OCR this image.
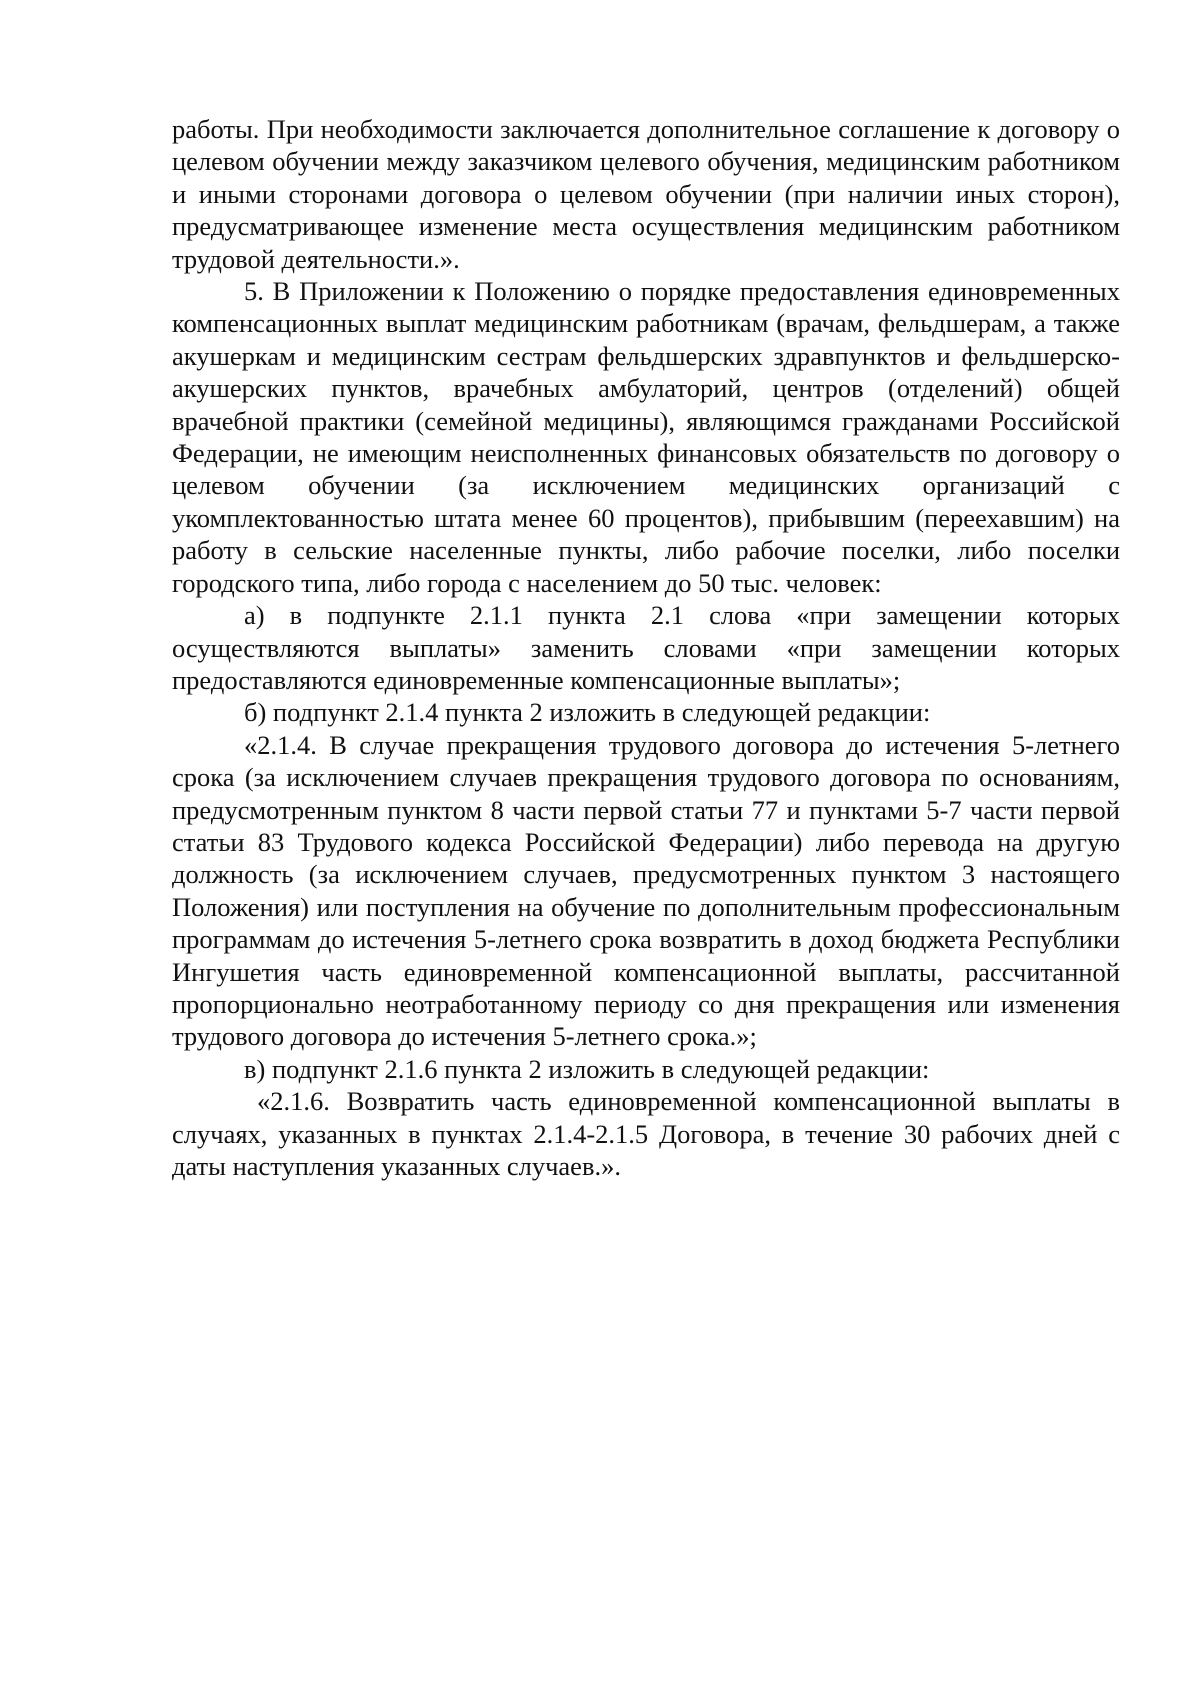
работы. При необходимости заключается дополнительное соглашение к договору о целевом обучении между заказчиком целевого обучения, медицинским работником и иными сторонами договора о целевом обучении (при наличии иных сторон), предусматривающее изменение места осуществления медицинским работником трудовой деятельности.».

5. В Приложении к Положению о порядке предоставления единовременных компенсационных выплат медицинским работникам (врачам, фельдшерам, а также акушеркам и медицинским сестрам фельдшерских здравпунктов и фельдшерско-акушерских пунктов, врачебных амбулаторий, центров (отделений) общей врачебной практики (семейной медицины), являющимся гражданами Российской Федерации, не имеющим неисполненных финансовых обязательств по договору о целевом обучении (за исключением медицинских организаций с укомплектованностью штата менее 60 процентов), прибывшим (переехавшим) на работу в сельские населенные пункты, либо рабочие поселки, либо поселки городского типа, либо города с населением до 50 тыс. человек:

а) в подпункте 2.1.1 пункта 2.1 слова «при замещении которых осуществляются выплаты» заменить словами «при замещении которых предоставляются единовременные компенсационные выплаты»;

б) подпункт 2.1.4 пункта 2 изложить в следующей редакции:

«2.1.4. В случае прекращения трудового договора до истечения 5-летнего срока (за исключением случаев прекращения трудового договора по основаниям, предусмотренным пунктом 8 части первой статьи 77 и пунктами 5-7 части первой статьи 83 Трудового кодекса Российской Федерации) либо перевода на другую должность (за исключением случаев, предусмотренных пунктом 3 настоящего Положения) или поступления на обучение по дополнительным профессиональным программам до истечения 5-летнего срока возвратить в доход бюджета Республики Ингушетия часть единовременной компенсационной выплаты, рассчитанной пропорционально неотработанному периоду со дня прекращения или изменения трудового договора до истечения 5-летнего срока.»;

в) подпункт 2.1.6 пункта 2 изложить в следующей редакции:

«2.1.6. Возвратить часть единовременной компенсационной выплаты в случаях, указанных в пунктах 2.1.4-2.1.5 Договора, в течение 30 рабочих дней с даты наступления указанных случаев.».
